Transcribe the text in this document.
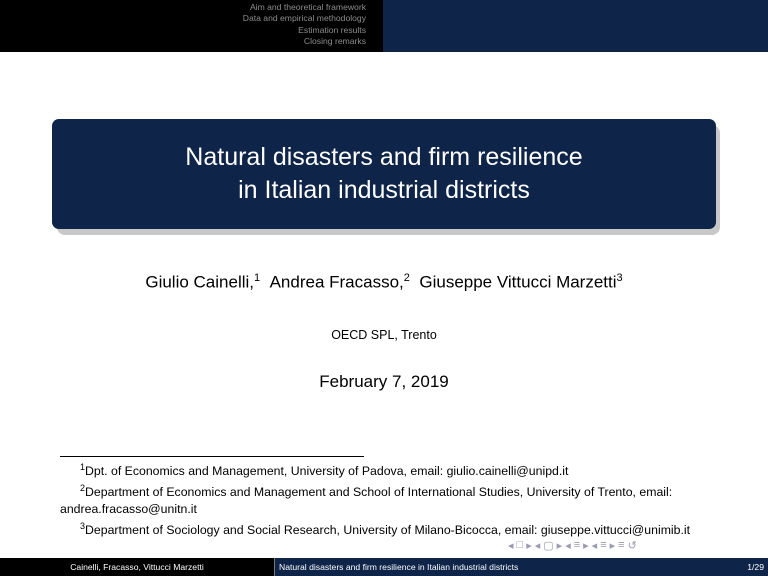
Aim and theoretical framework
Data and empirical methodology
Estimation results
Closing remarks
Natural disasters and firm resilience
in Italian industrial districts
Giulio Cainelli,$^1$ Andrea Fracasso,$^2$ Giuseppe Vittucci Marzetti$^3$
OECD SPL, Trento
February 7, 2019
$^1$Dpt. of Economics and Management, University of Padova, email: giulio.cainelli@unipd.it
$^2$Department of Economics and Management and School of International Studies, University of Trento, email: andrea.fracasso@unitn.it
$^3$Department of Sociology and Social Research, University of Milano-Bicocca, email: giuseppe.vittucci@unimib.it
◂ □ ▸ ◂ ▢ ▸ ◂ ≡ ▸ ◂ ≡ ▸ ≡ ↺
Cainelli, Fracasso, Vittucci Marzetti	Natural disasters and firm resilience in Italian industrial districts	1/29
